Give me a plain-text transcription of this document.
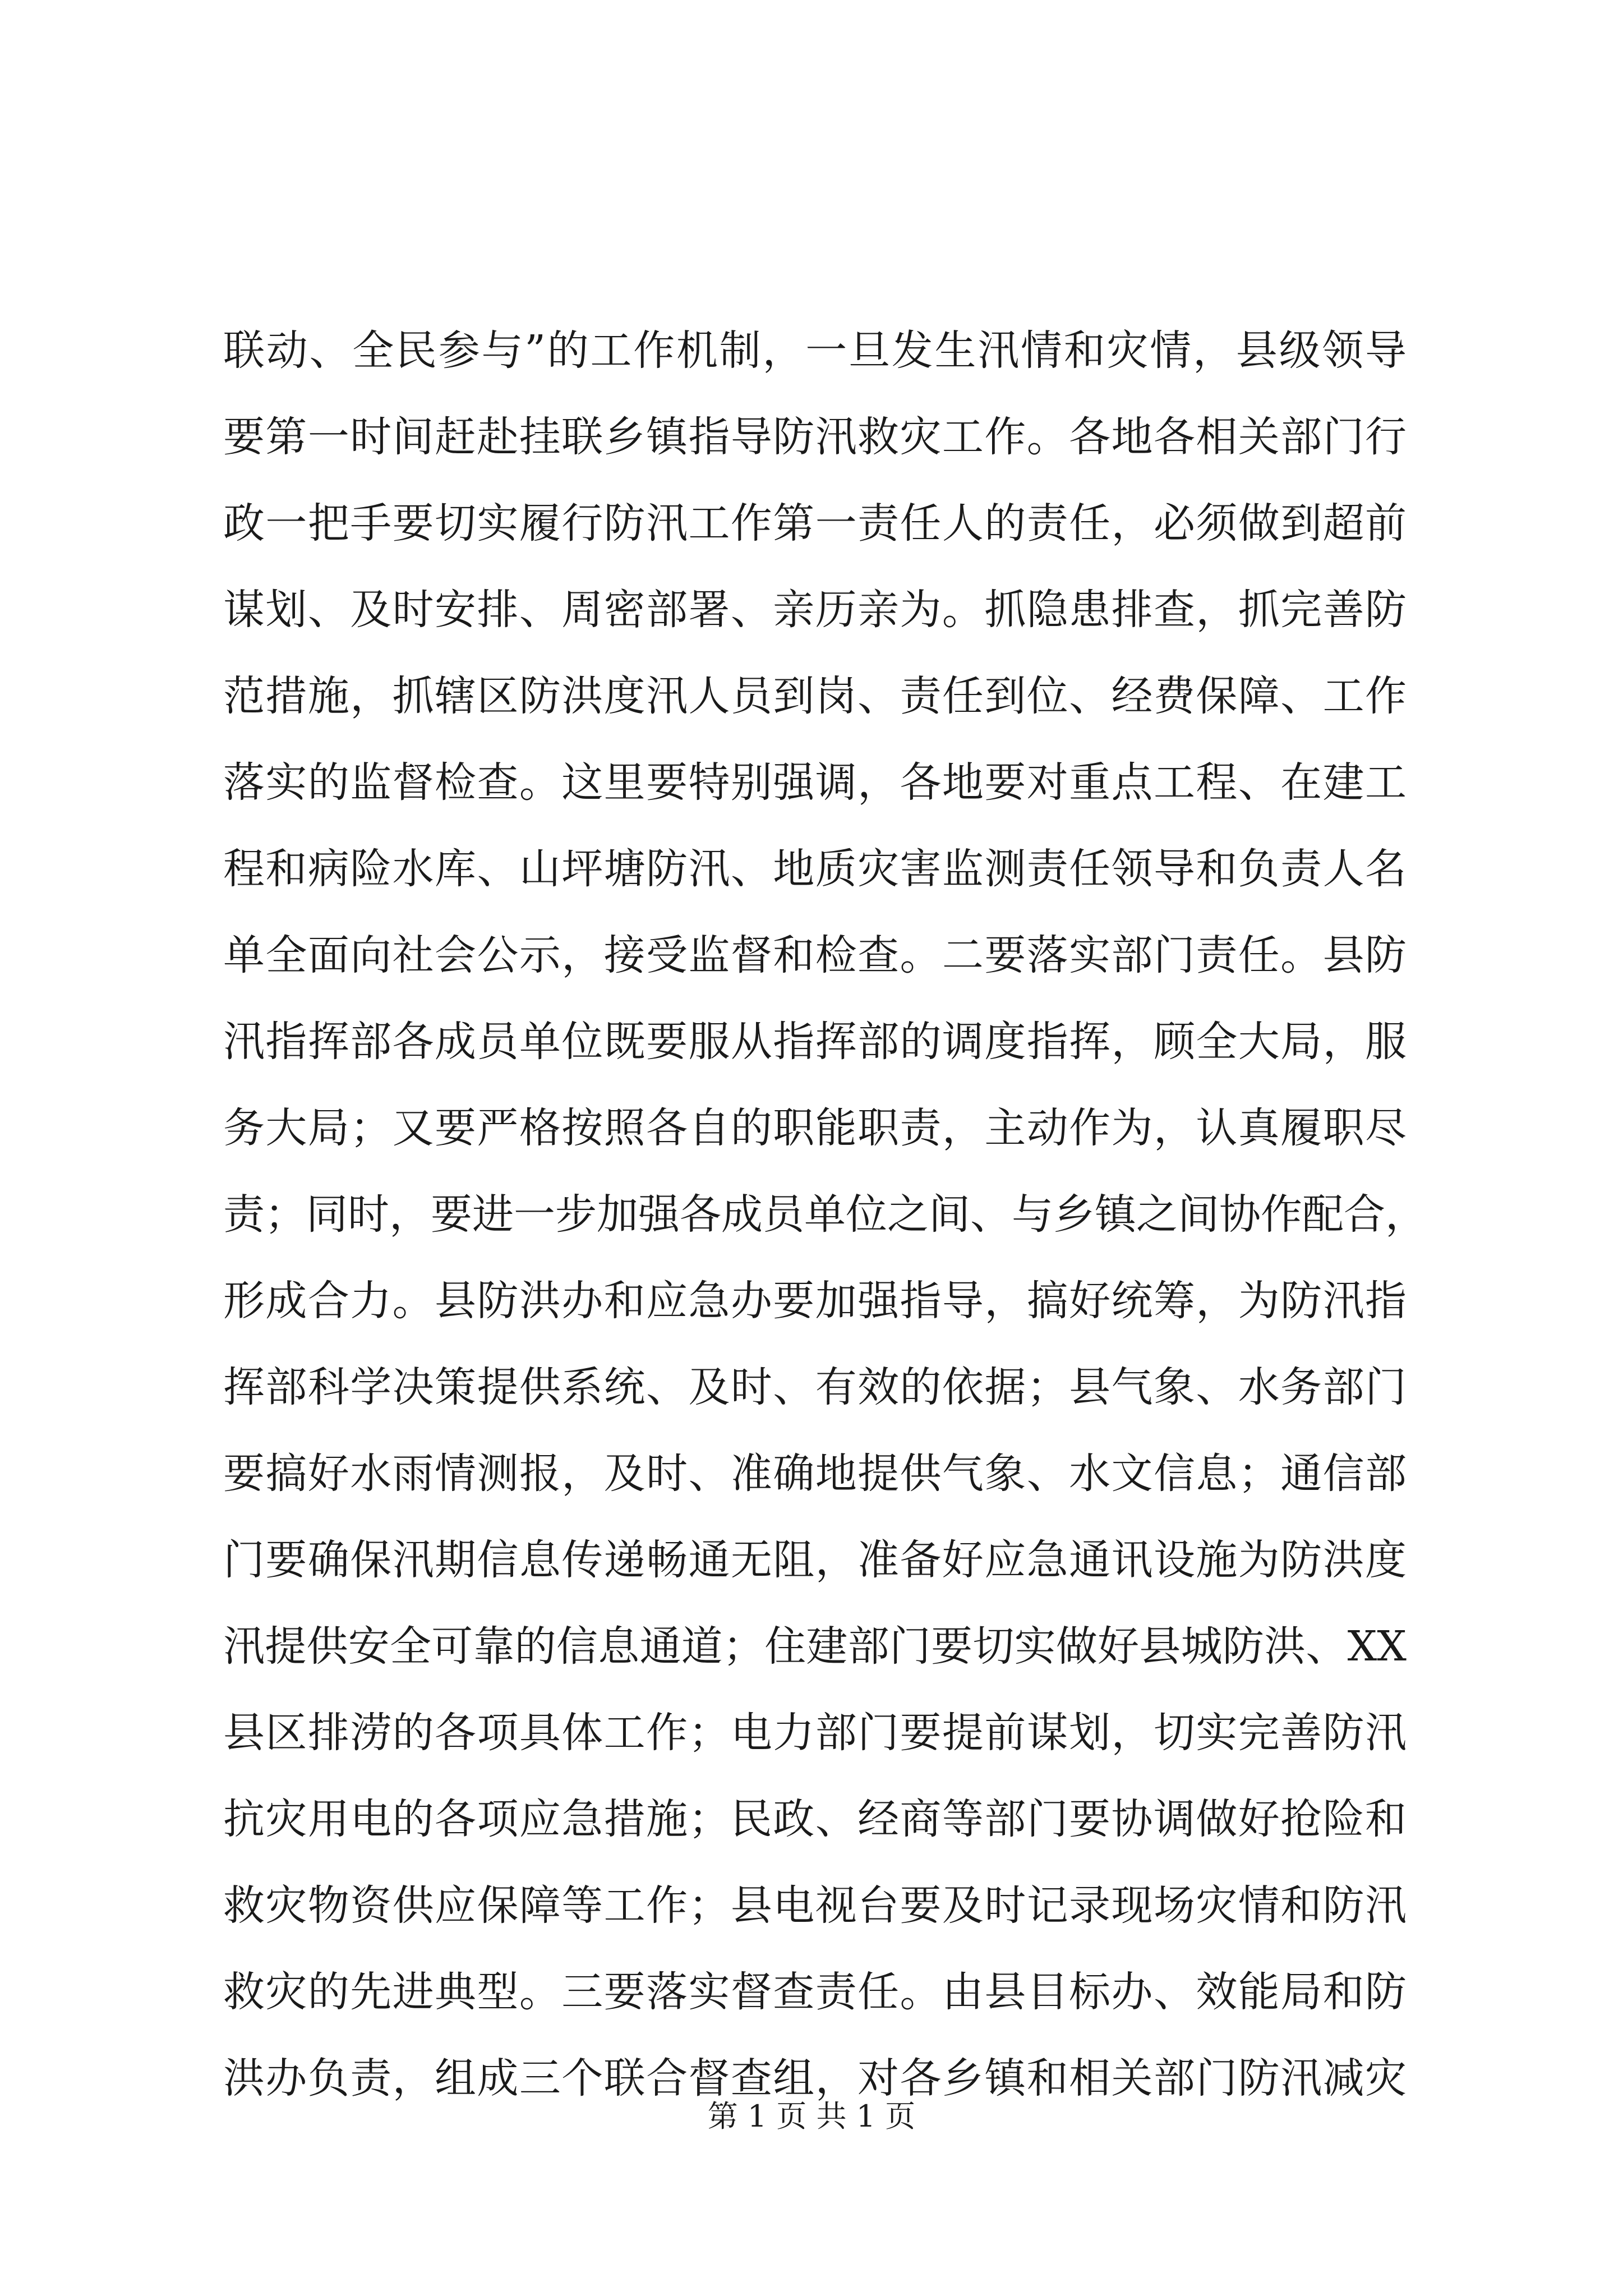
联动、全民参与”的工作机制，一旦发生汛情和灾情，县级领导
要第一时间赶赴挂联乡镇指导防汛救灾工作。各地各相关部门行
政一把手要切实履行防汛工作第一责任人的责任，必须做到超前
谋划、及时安排、周密部署、亲历亲为。抓隐患排查，抓完善防
范措施，抓辖区防洪度汛人员到岗、责任到位、经费保障、工作
落实的监督检查。这里要特别强调，各地要对重点工程、在建工
程和病险水库、山坪塘防汛、地质灾害监测责任领导和负责人名
单全面向社会公示，接受监督和检查。二要落实部门责任。县防
汛指挥部各成员单位既要服从指挥部的调度指挥，顾全大局，服
务大局；又要严格按照各自的职能职责，主动作为，认真履职尽
责；同时，要进一步加强各成员单位之间、与乡镇之间协作配合，
形成合力。县防洪办和应急办要加强指导，搞好统筹，为防汛指
挥部科学决策提供系统、及时、有效的依据；县气象、水务部门
要搞好水雨情测报，及时、准确地提供气象、水文信息；通信部
门要确保汛期信息传递畅通无阻，准备好应急通讯设施为防洪度
汛提供安全可靠的信息通道；住建部门要切实做好县城防洪、XX
县区排涝的各项具体工作；电力部门要提前谋划，切实完善防汛
抗灾用电的各项应急措施；民政、经商等部门要协调做好抢险和
救灾物资供应保障等工作；县电视台要及时记录现场灾情和防汛
救灾的先进典型。三要落实督查责任。由县目标办、效能局和防
洪办负责，组成三个联合督查组，对各乡镇和相关部门防汛减灾
第 1 页 共 1 页
